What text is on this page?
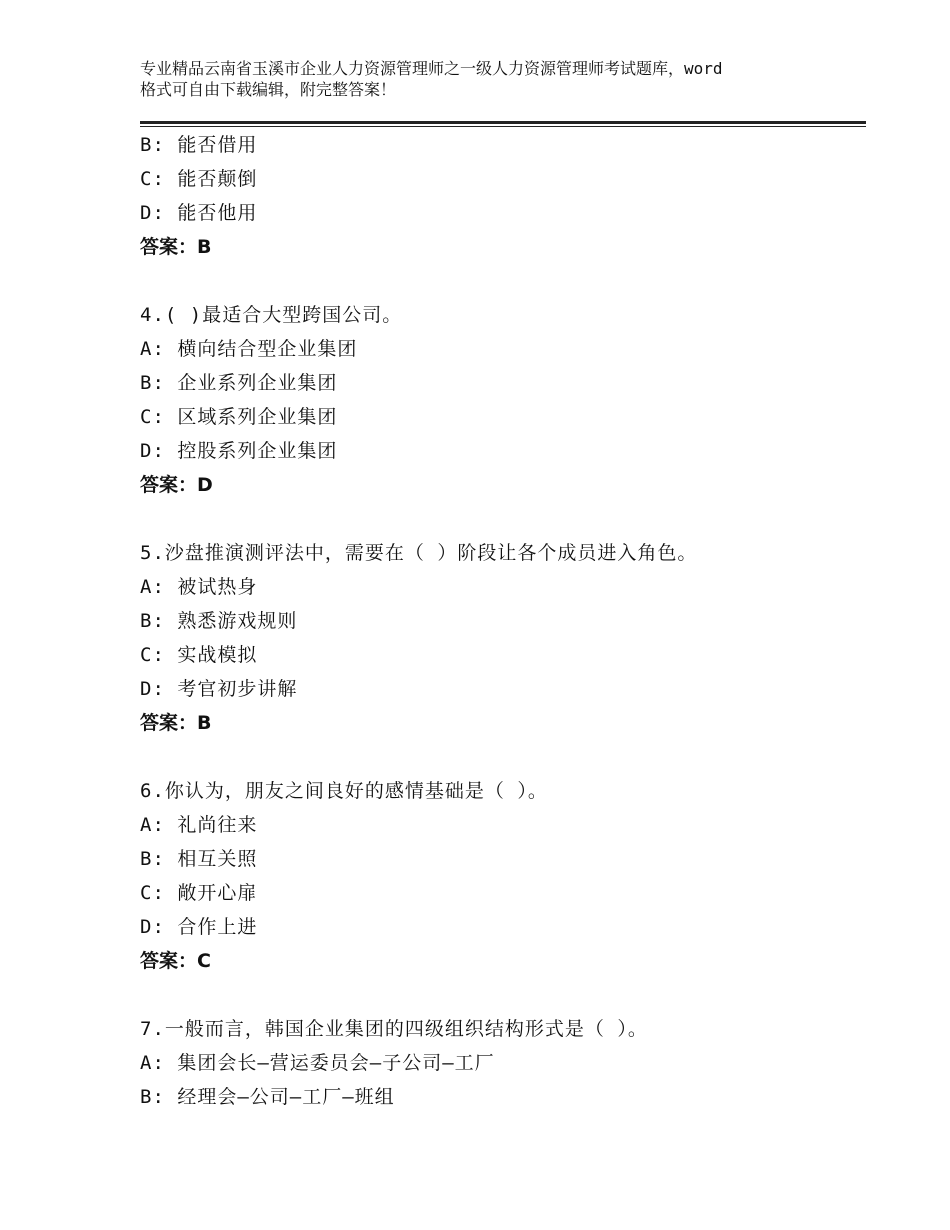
专业精品云南省玉溪市企业人力资源管理师之一级人力资源管理师考试题库，word
格式可自由下载编辑，附完整答案！
B: 能否借用
C: 能否颠倒
D: 能否他用
答案：B
4.( )最适合大型跨国公司。
A: 横向结合型企业集团
B: 企业系列企业集团
C: 区域系列企业集团
D: 控股系列企业集团
答案：D
5.沙盘推演测评法中，需要在（ ）阶段让各个成员进入角色。
A: 被试热身
B: 熟悉游戏规则
C: 实战模拟
D: 考官初步讲解
答案：B
6.你认为，朋友之间良好的感情基础是（ ）。
A: 礼尚往来
B: 相互关照
C: 敞开心扉
D: 合作上进
答案：C
7.一般而言，韩国企业集团的四级组织结构形式是（ ）。
A: 集团会长—营运委员会—子公司—工厂
B: 经理会—公司—工厂—班组
